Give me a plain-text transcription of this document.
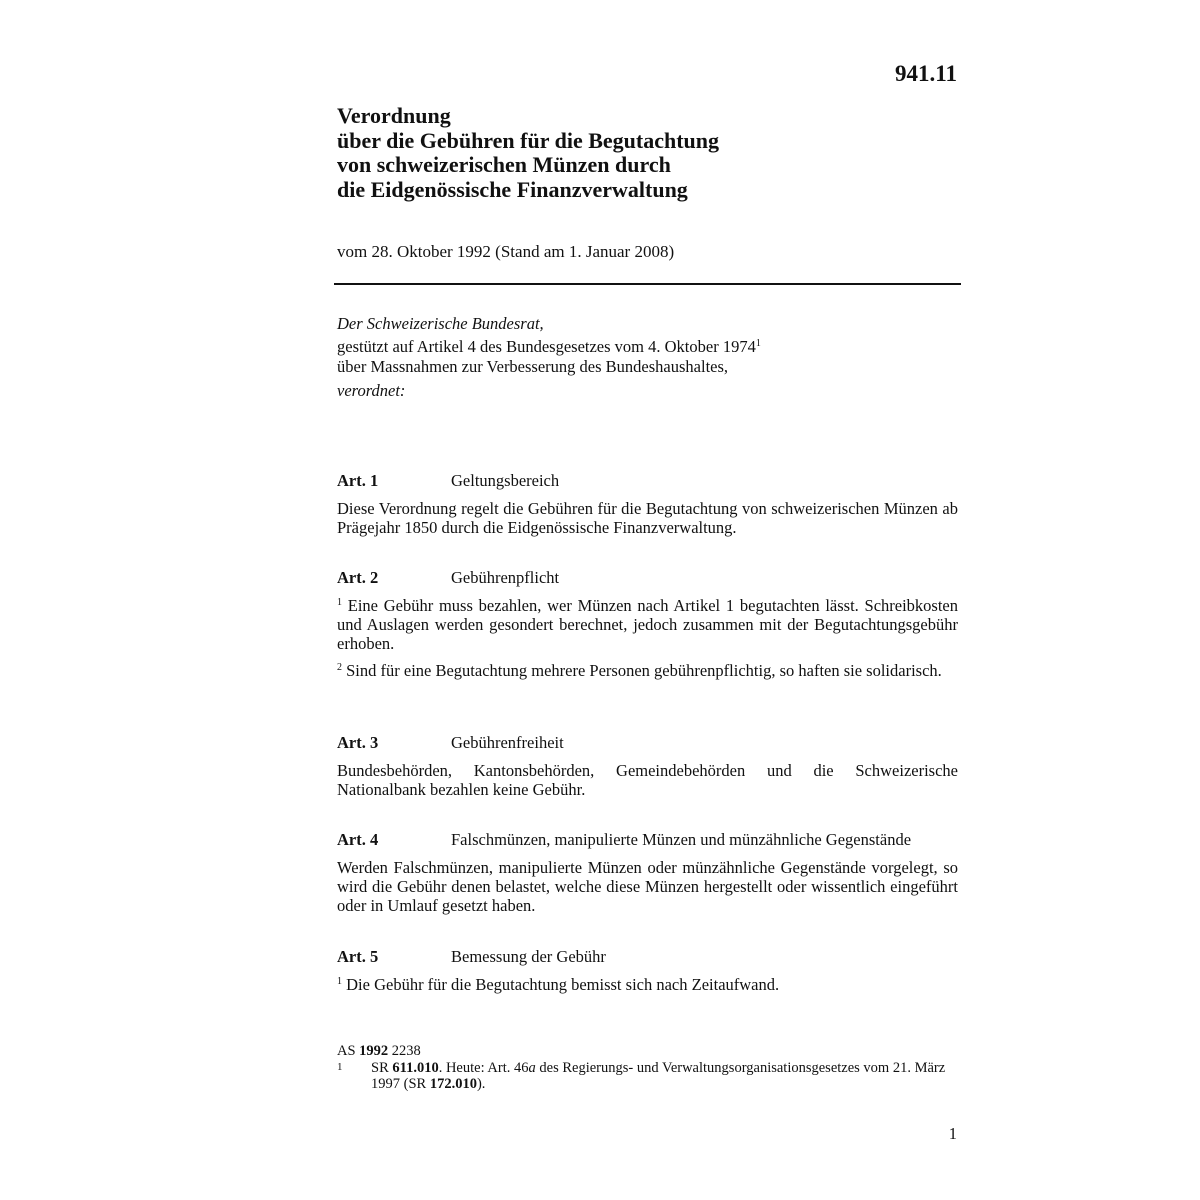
941.11
Verordnung
über die Gebühren für die Begutachtung
von schweizerischen Münzen durch
die Eidgenössische Finanzverwaltung
vom 28. Oktober 1992 (Stand am 1. Januar 2008)
Der Schweizerische Bundesrat,
gestützt auf Artikel 4 des Bundesgesetzes vom 4. Oktober 1974$^1$
über Massnahmen zur Verbesserung des Bundeshaushaltes,
verordnet:
Art. 1	Geltungsbereich
Diese Verordnung regelt die Gebühren für die Begutachtung von schweizerischen Münzen ab Prägejahr 1850 durch die Eidgenössische Finanzverwaltung.
Art. 2	Gebührenpflicht
$^1$ Eine Gebühr muss bezahlen, wer Münzen nach Artikel 1 begutachten lässt. Schreibkosten und Auslagen werden gesondert berechnet, jedoch zusammen mit der Begutachtungsgebühr erhoben.
$^2$ Sind für eine Begutachtung mehrere Personen gebührenpflichtig, so haften sie solidarisch.
Art. 3	Gebührenfreiheit
Bundesbehörden, Kantonsbehörden, Gemeindebehörden und die Schweizerische Nationalbank bezahlen keine Gebühr.
Art. 4	Falschmünzen, manipulierte Münzen und münzähnliche Gegenstände
Werden Falschmünzen, manipulierte Münzen oder münzähnliche Gegenstände vorgelegt, so wird die Gebühr denen belastet, welche diese Münzen hergestellt oder wissentlich eingeführt oder in Umlauf gesetzt haben.
Art. 5	Bemessung der Gebühr
$^1$ Die Gebühr für die Begutachtung bemisst sich nach Zeitaufwand.
AS 1992 2238
1 SR 611.010. Heute: Art. 46a des Regierungs- und Verwaltungsorganisationsgesetzes vom 21. März 1997 (SR 172.010).
1
